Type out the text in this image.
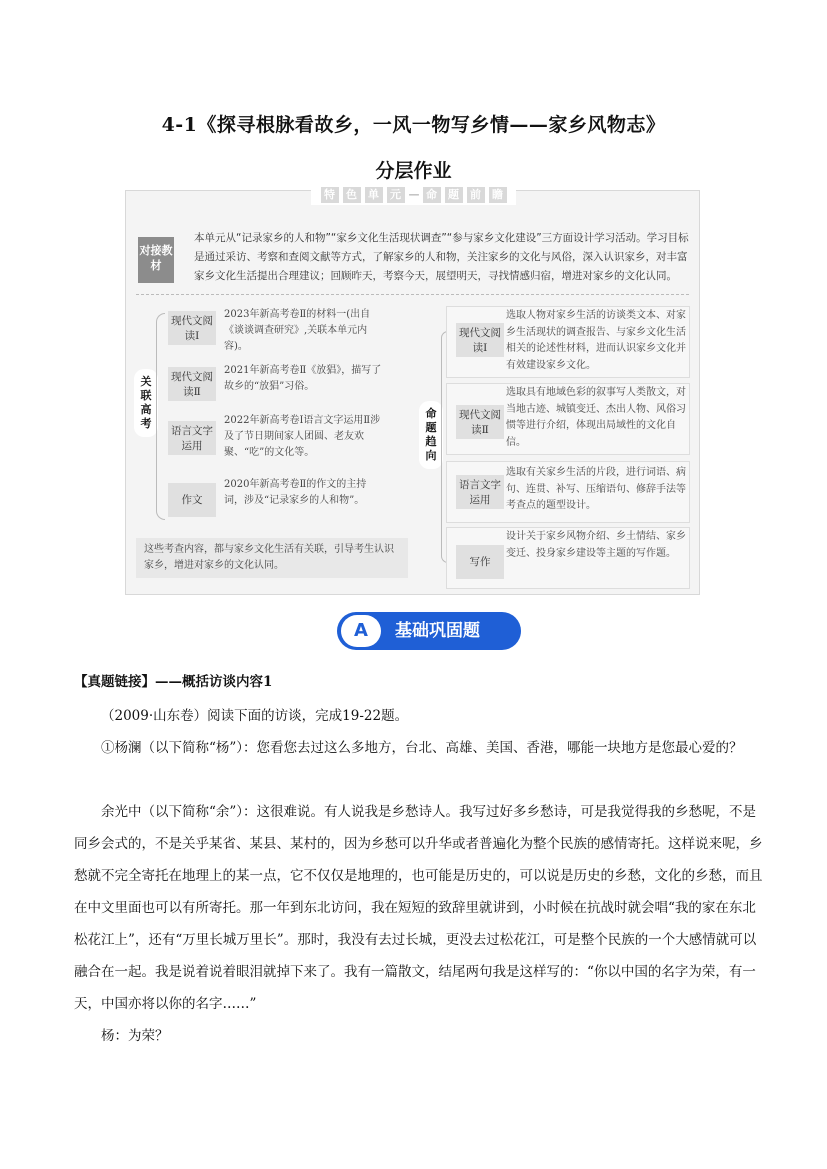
4-1《探寻根脉看故乡，一风一物写乡情——家乡风物志》
分层作业
特	色	单	元 — 命	题	前	瞻
对接教材
本单元从“记录家乡的人和物”“家乡文化生活现状调查”“参与家乡文化建设”三方面设计学习活动。学习目标是通过采访、考察和查阅文献等方式，了解家乡的人和物，关注家乡的文化与风俗，深入认识家乡，对丰富家乡文化生活提出合理建议；回顾昨天，考察今天，展望明天，寻找情感归宿，增进对家乡的文化认同。
关联高考
现代文阅读Ⅰ
2023年新高考卷Ⅱ的材料一(出自《谈谈调查研究》,关联本单元内容)。
现代文阅读Ⅱ
2021年新高考卷Ⅱ《放猖》，描写了故乡的“放猖”习俗。
语言文字运用
2022年新高考卷Ⅰ语言文字运用Ⅱ涉及了节日期间家人团圆、老友欢聚、“吃”的文化等。
作文
2020年新高考卷Ⅱ的作文的主持词，涉及“记录家乡的人和物”。
这些考查内容，都与家乡文化生活有关联，引导考生认识家乡，增进对家乡的文化认同。
命题趋向
现代文阅读Ⅰ
选取人物对家乡生活的访谈类文本、对家乡生活现状的调查报告、与家乡文化生活相关的论述性材料，进而认识家乡文化并有效建设家乡文化。
现代文阅读Ⅱ
选取具有地域色彩的叙事写人类散文，对当地古迹、城镇变迁、杰出人物、风俗习惯等进行介绍，体现出局域性的文化自信。
语言文字运用
选取有关家乡生活的片段，进行词语、病句、连贯、补写、压缩语句、修辞手法等考查点的题型设计。
写作
设计关于家乡风物介绍、乡土情结、家乡变迁、投身家乡建设等主题的写作题。
A	基础巩固题
【真题链接】——概括访谈内容1
（2009·山东卷）阅读下面的访谈，完成19-22题。
①杨澜（以下简称“杨”）：您看您去过这么多地方，台北、高雄、美国、香港，哪能一块地方是您最心爱的？
余光中（以下简称“余”）：这很难说。有人说我是乡愁诗人。我写过好多乡愁诗，可是我觉得我的乡愁呢，不是同乡会式的，不是关乎某省、某县、某村的，因为乡愁可以升华或者普遍化为整个民族的感情寄托。这样说来呢，乡愁就不完全寄托在地理上的某一点，它不仅仅是地理的，也可能是历史的，可以说是历史的乡愁，文化的乡愁，而且在中文里面也可以有所寄托。那一年到东北访问，我在短短的致辞里就讲到，小时候在抗战时就会唱“我的家在东北松花江上”，还有“万里长城万里长”。那时，我没有去过长城，更没去过松花江，可是整个民族的一个大感情就可以融合在一起。我是说着说着眼泪就掉下来了。我有一篇散文，结尾两句我是这样写的：“你以中国的名字为荣，有一天，中国亦将以你的名字……”
杨：为荣？
